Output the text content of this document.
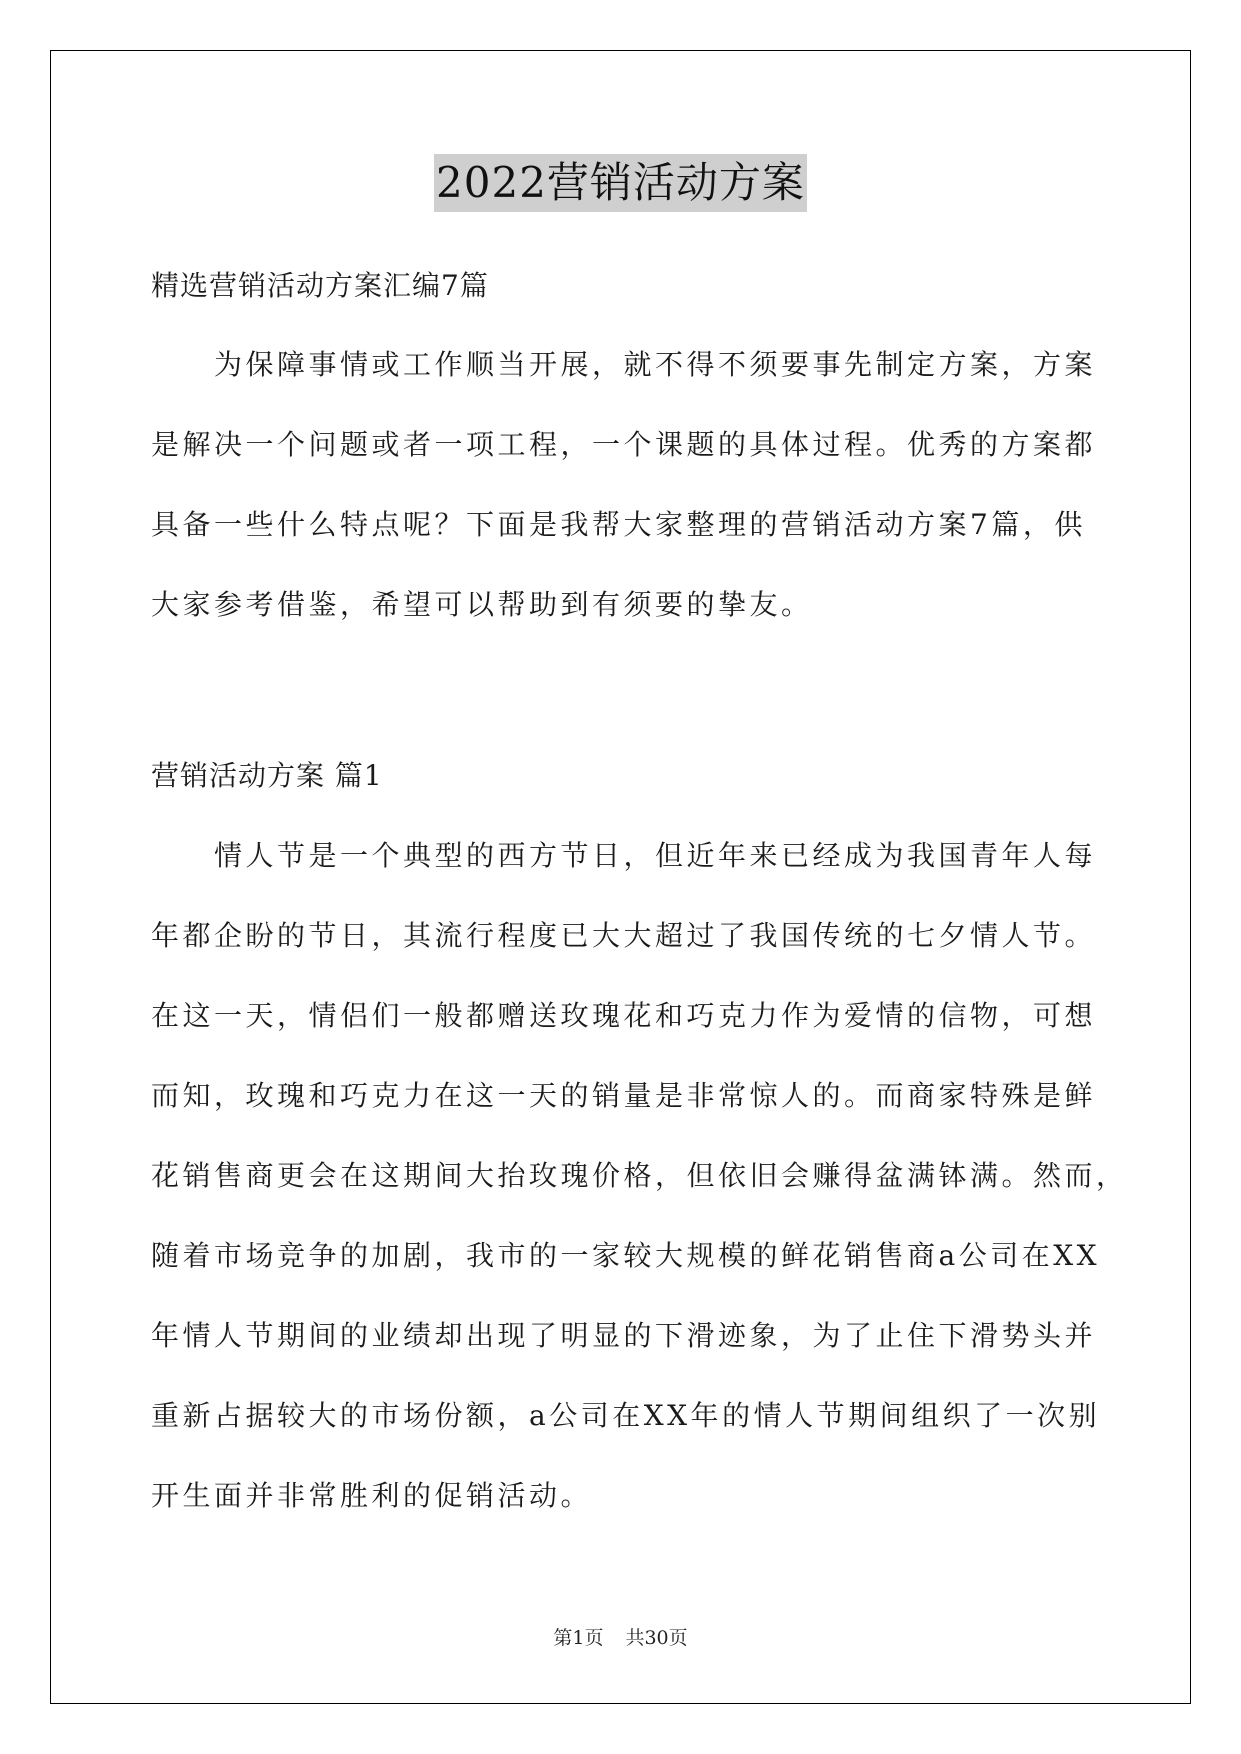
2022营销活动方案
精选营销活动方案汇编7篇
　　为保障事情或工作顺当开展，就不得不须要事先制定方案，方案
是解决一个问题或者一项工程，一个课题的具体过程。优秀的方案都
具备一些什么特点呢？下面是我帮大家整理的营销活动方案7篇，供
大家参考借鉴，希望可以帮助到有须要的挚友。
营销活动方案 篇1
　　情人节是一个典型的西方节日，但近年来已经成为我国青年人每
年都企盼的节日，其流行程度已大大超过了我国传统的七夕情人节。
在这一天，情侣们一般都赠送玫瑰花和巧克力作为爱情的信物，可想
而知，玫瑰和巧克力在这一天的销量是非常惊人的。而商家特殊是鲜
花销售商更会在这期间大抬玫瑰价格，但依旧会赚得盆满钵满。然而，
随着市场竞争的加剧，我市的一家较大规模的鲜花销售商a公司在XX
年情人节期间的业绩却出现了明显的下滑迹象，为了止住下滑势头并
重新占据较大的市场份额，a公司在XX年的情人节期间组织了一次别
开生面并非常胜利的促销活动。
第1页 共30页
